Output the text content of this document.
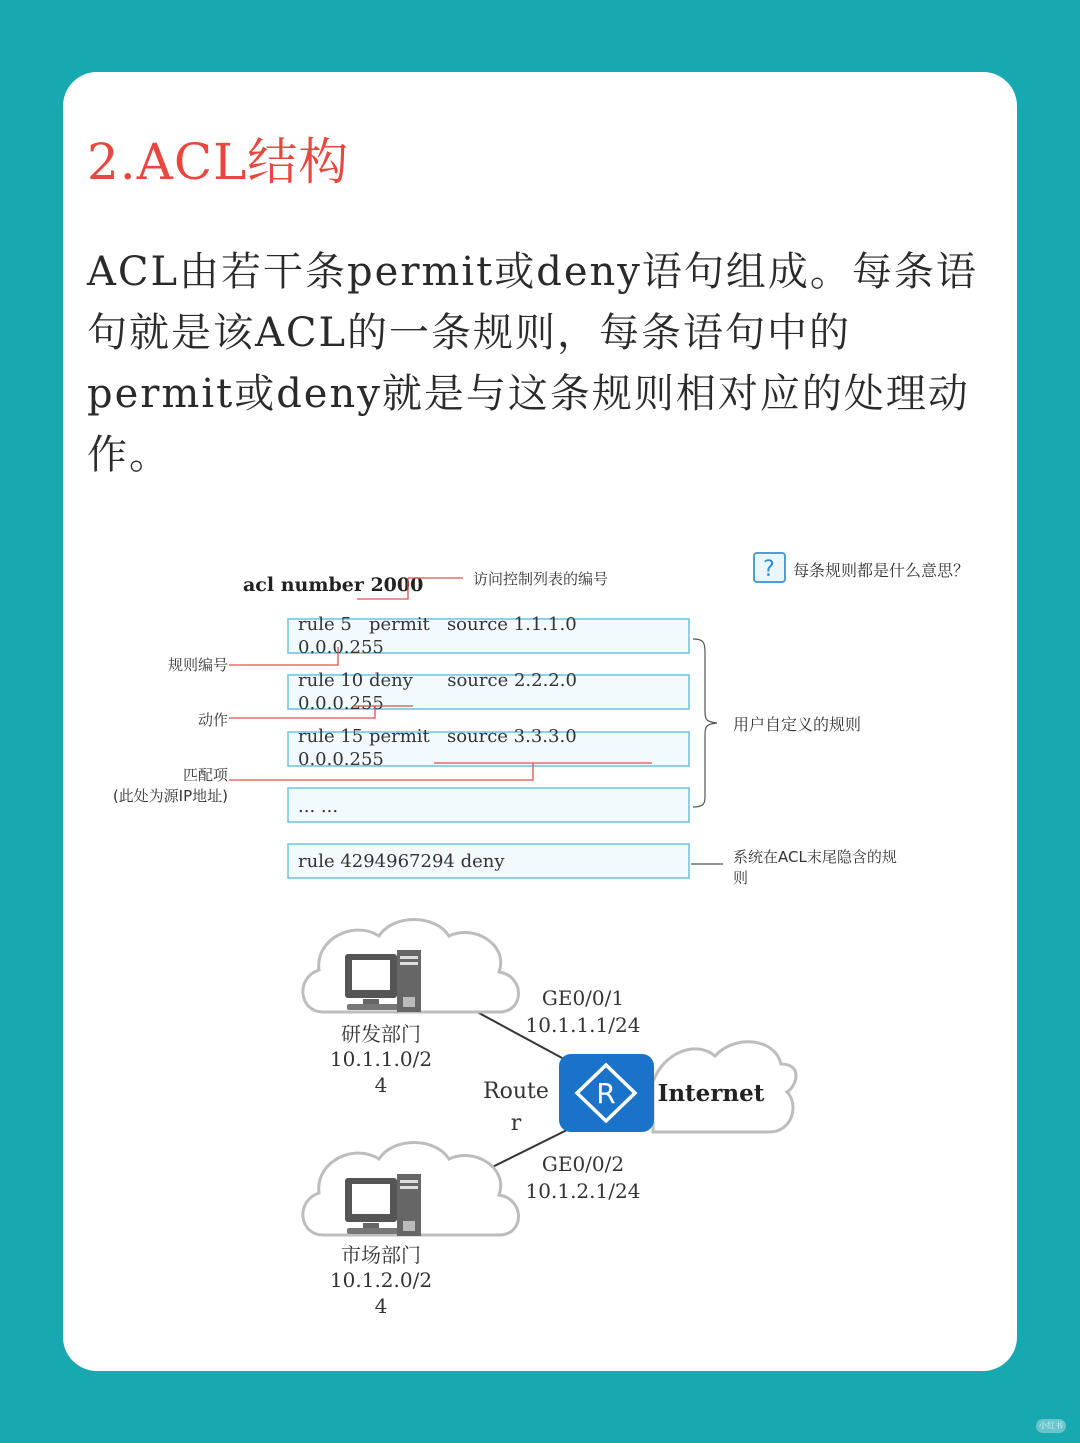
2.ACL结构

ACL由若干条permit或deny语句组成。每条语句就是该ACL的一条规则，每条语句中的permit或deny就是与这条规则相对应的处理动作。

acl number 2000	访问控制列表的编号	? 每条规则都是什么意思？
rule 5   permit   source 1.1.1.0
0.0.0.255
rule 10 deny      source 2.2.2.0
0.0.0.255
rule 15 permit   source 3.3.3.0
0.0.0.255
... ...
rule 4294967294 deny
规则编号
动作
匹配项
(此处为源IP地址)
用户自定义的规则
系统在ACL末尾隐含的规
则
研发部门
10.1.1.0/2
4
市场部门
10.1.2.0/2
4
Internet
R
Route
r
GE0/0/1
10.1.1.1/24
GE0/0/2
10.1.2.1/24
小红书
